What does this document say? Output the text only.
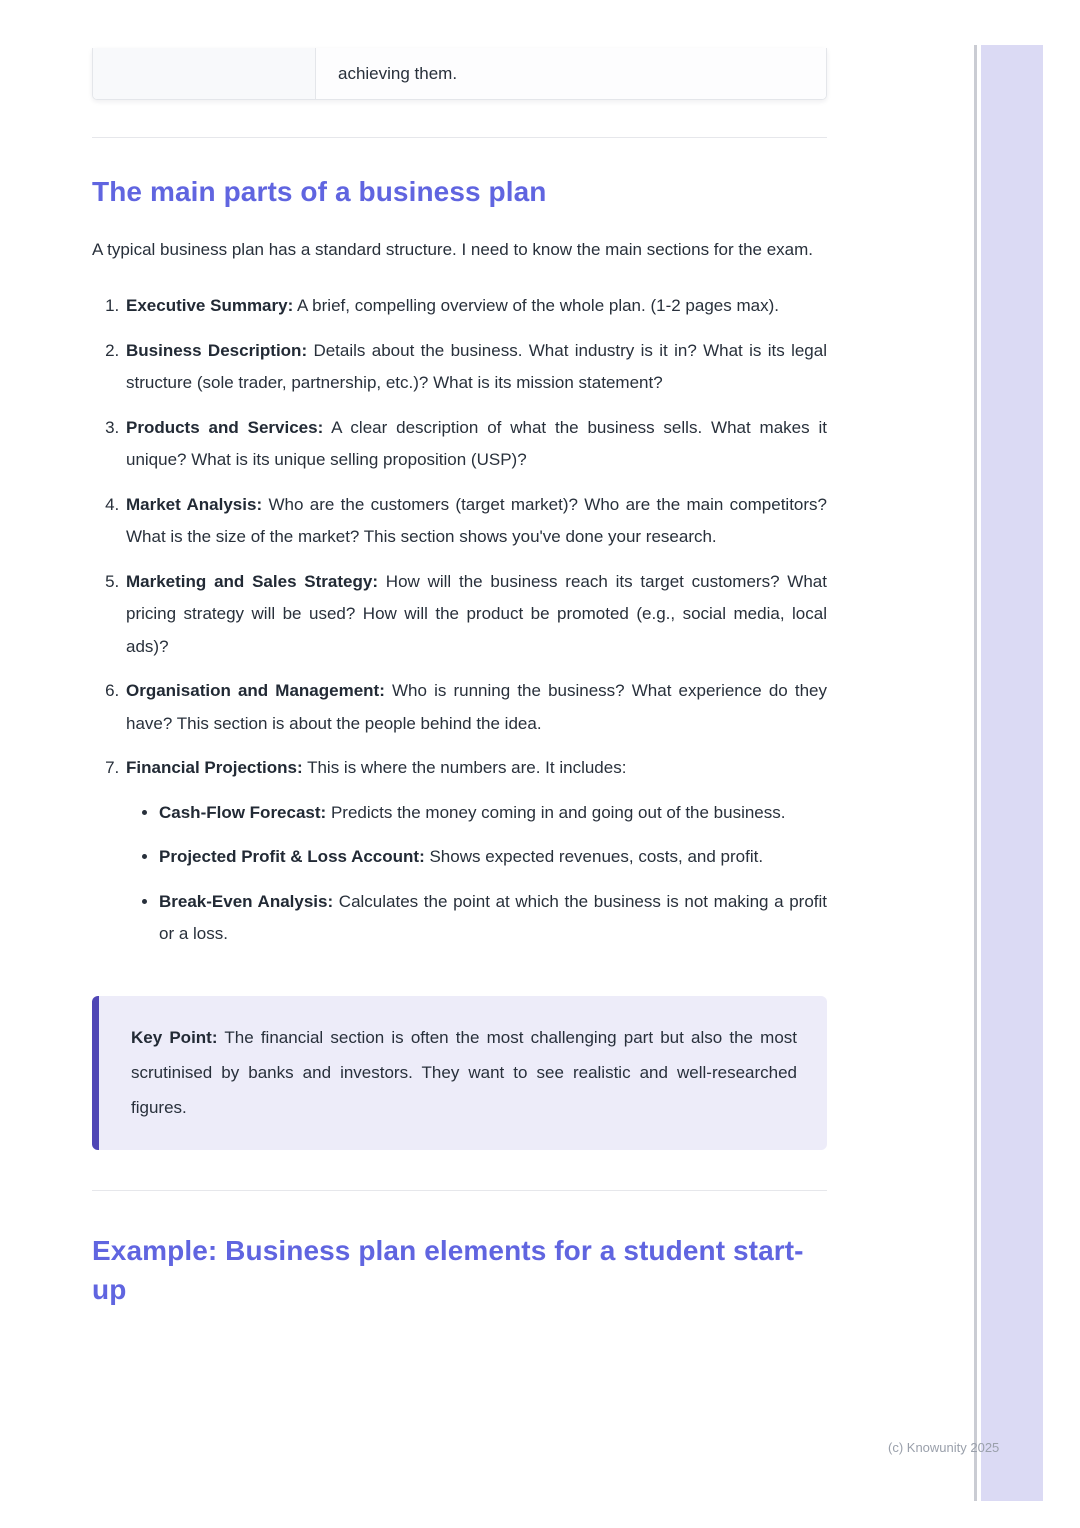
achieving them.
The main parts of a business plan

A typical business plan has a standard structure. I need to know the main sections for the exam.

1. Executive Summary: A brief, compelling overview of the whole plan. (1-2 pages max).
2. Business Description: Details about the business. What industry is it in? What is its legal structure (sole trader, partnership, etc.)? What is its mission statement?
3. Products and Services: A clear description of what the business sells. What makes it unique? What is its unique selling proposition (USP)?
4. Market Analysis: Who are the customers (target market)? Who are the main competitors? What is the size of the market? This section shows you've done your research.
5. Marketing and Sales Strategy: How will the business reach its target customers? What pricing strategy will be used? How will the product be promoted (e.g., social media, local ads)?
6. Organisation and Management: Who is running the business? What experience do they have? This section is about the people behind the idea.
7. Financial Projections: This is where the numbers are. It includes:
• Cash-Flow Forecast: Predicts the money coming in and going out of the business.
• Projected Profit & Loss Account: Shows expected revenues, costs, and profit.
• Break-Even Analysis: Calculates the point at which the business is not making a profit or a loss.
Key Point: The financial section is often the most challenging part but also the most scrutinised by banks and investors. They want to see realistic and well-researched figures.
Example: Business plan elements for a student start-up
(c) Knowunity 2025
